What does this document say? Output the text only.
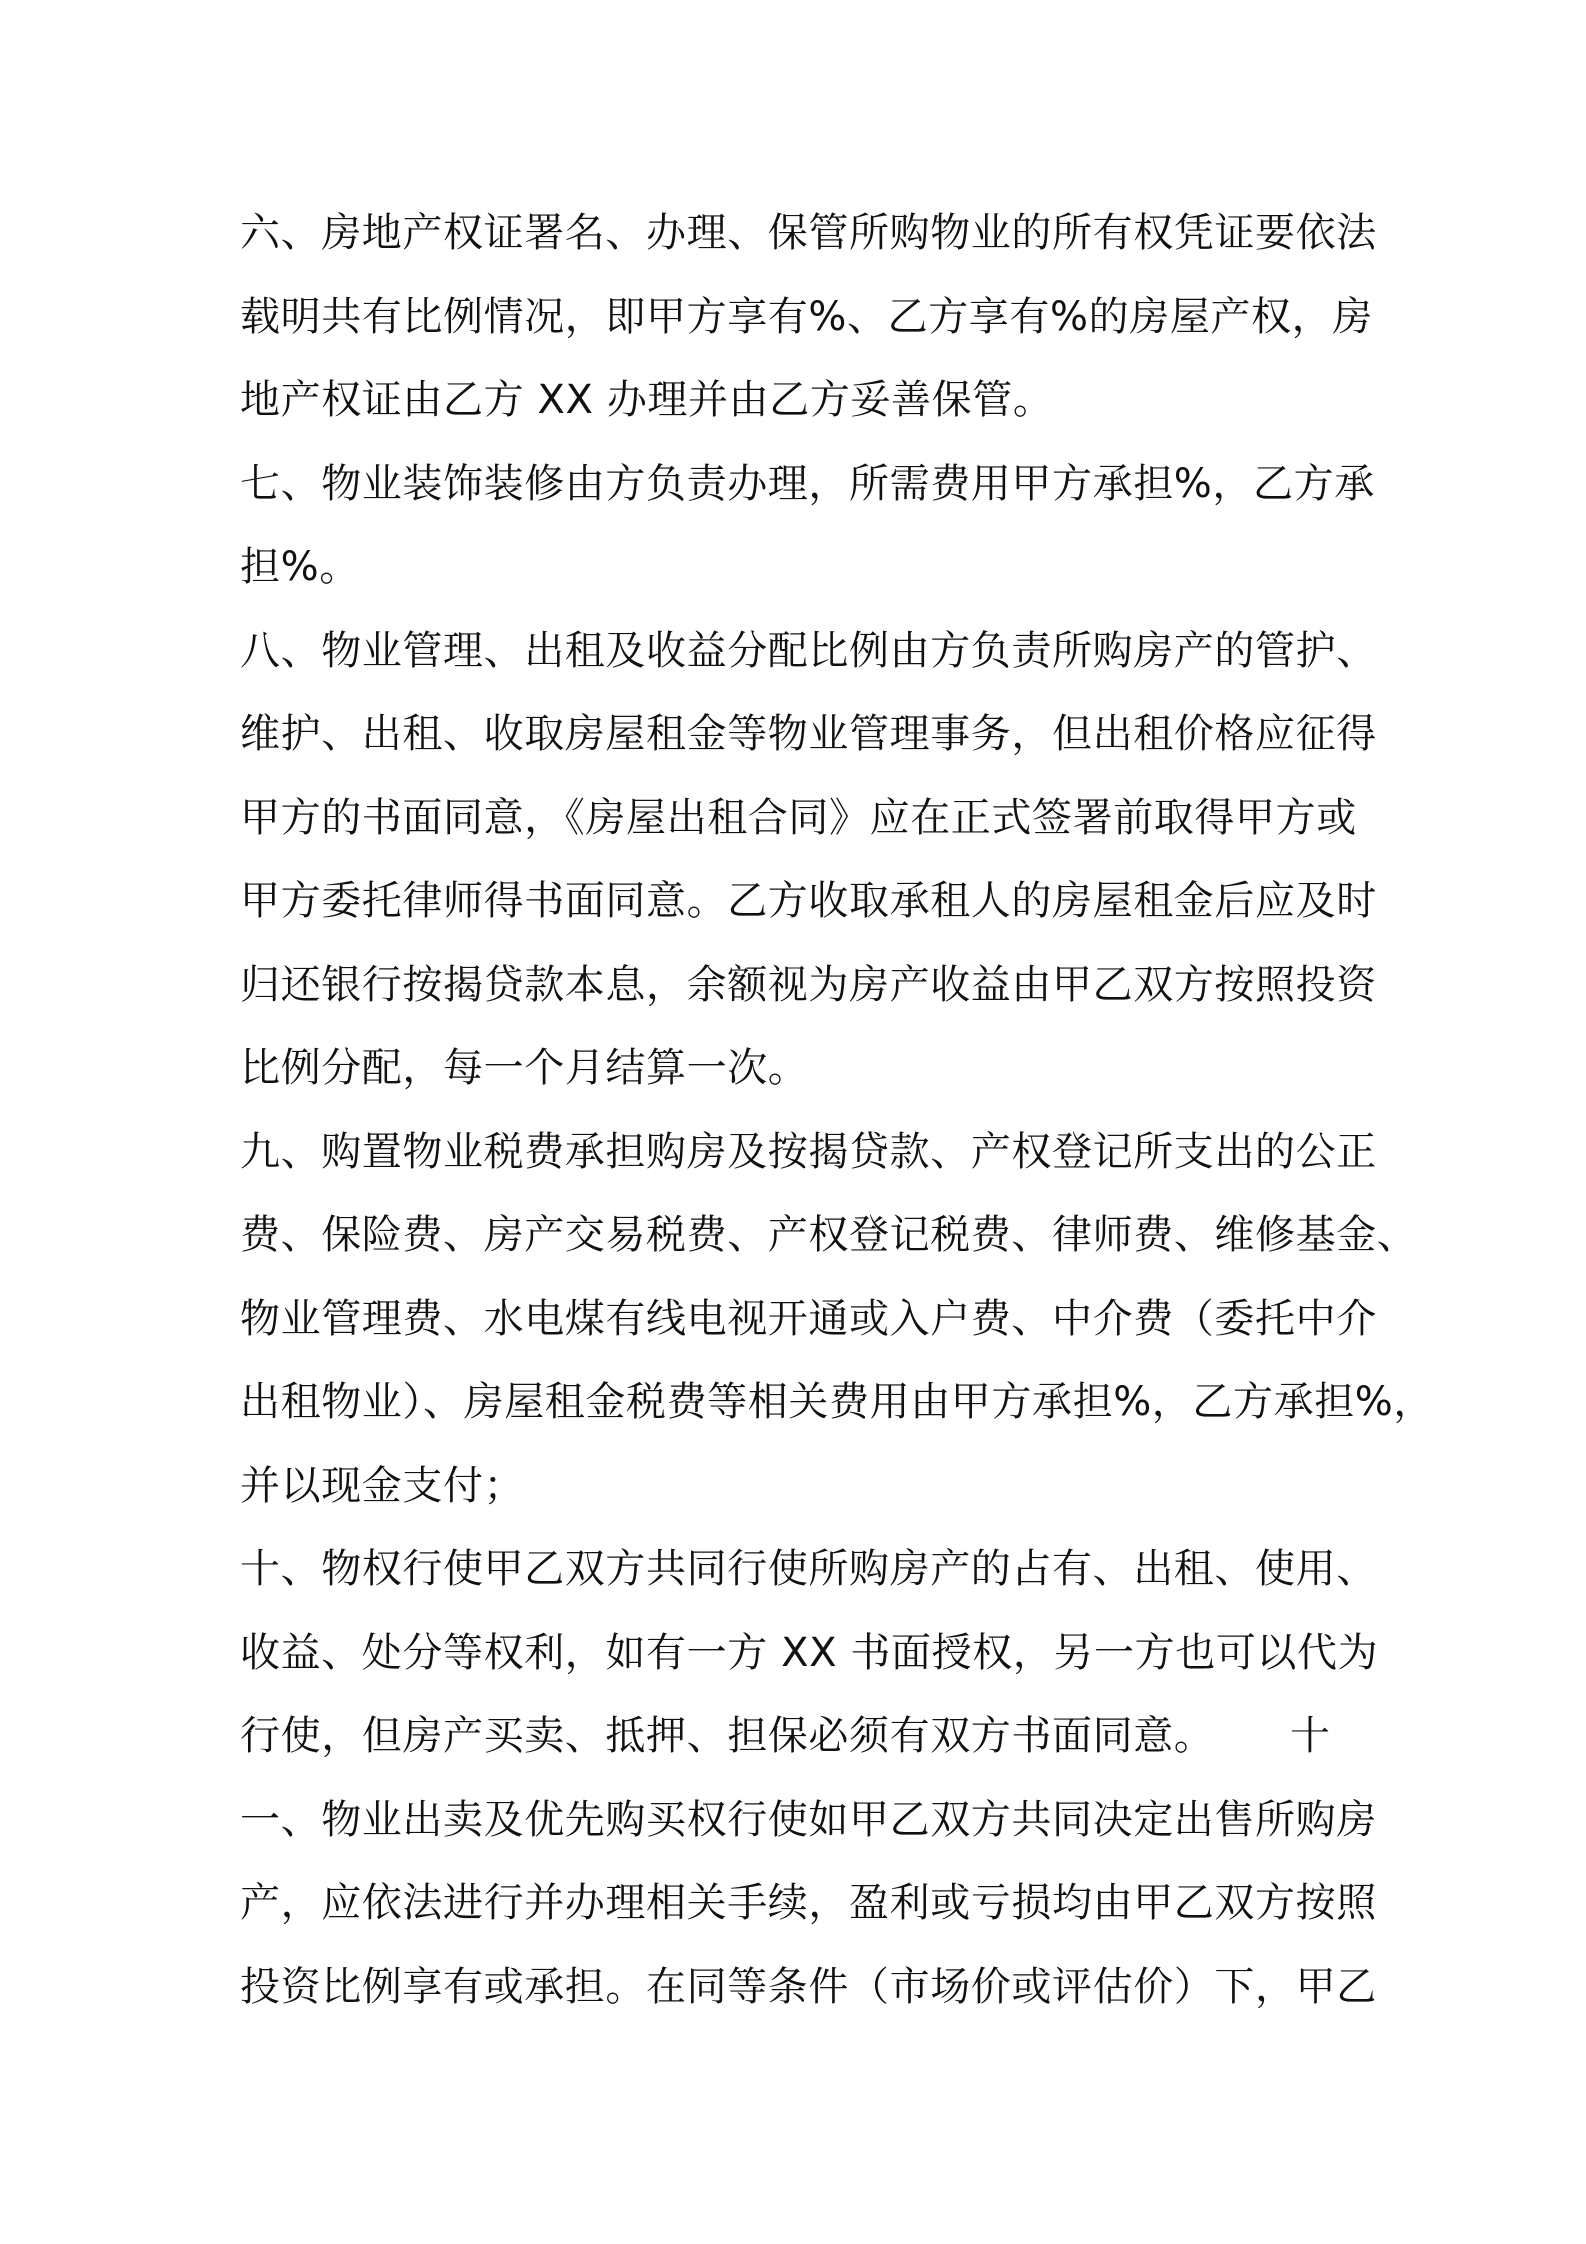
六、房地产权证署名、办理、保管所购物业的所有权凭证要依法
载明共有比例情况，即甲方享有%、乙方享有%的房屋产权，房
地产权证由乙方 XX 办理并由乙方妥善保管。
七、物业装饰装修由方负责办理，所需费用甲方承担%，乙方承
担%。
八、物业管理、出租及收益分配比例由方负责所购房产的管护、
维护、出租、收取房屋租金等物业管理事务，但出租价格应征得
甲方的书面同意，《房屋出租合同》应在正式签署前取得甲方或
甲方委托律师得书面同意。乙方收取承租人的房屋租金后应及时
归还银行按揭贷款本息，余额视为房产收益由甲乙双方按照投资
比例分配，每一个月结算一次。
九、购置物业税费承担购房及按揭贷款、产权登记所支出的公正
费、保险费、房产交易税费、产权登记税费、律师费、维修基金、
物业管理费、水电煤有线电视开通或入户费、中介费（委托中介
出租物业）、房屋租金税费等相关费用由甲方承担%，乙方承担%，
并以现金支付；
十、物权行使甲乙双方共同行使所购房产的占有、出租、使用、
收益、处分等权利，如有一方 XX 书面授权，另一方也可以代为
行使，但房产买卖、抵押、担保必须有双方书面同意。 十
一、物业出卖及优先购买权行使如甲乙双方共同决定出售所购房
产，应依法进行并办理相关手续，盈利或亏损均由甲乙双方按照
投资比例享有或承担。在同等条件（市场价或评估价）下，甲乙
